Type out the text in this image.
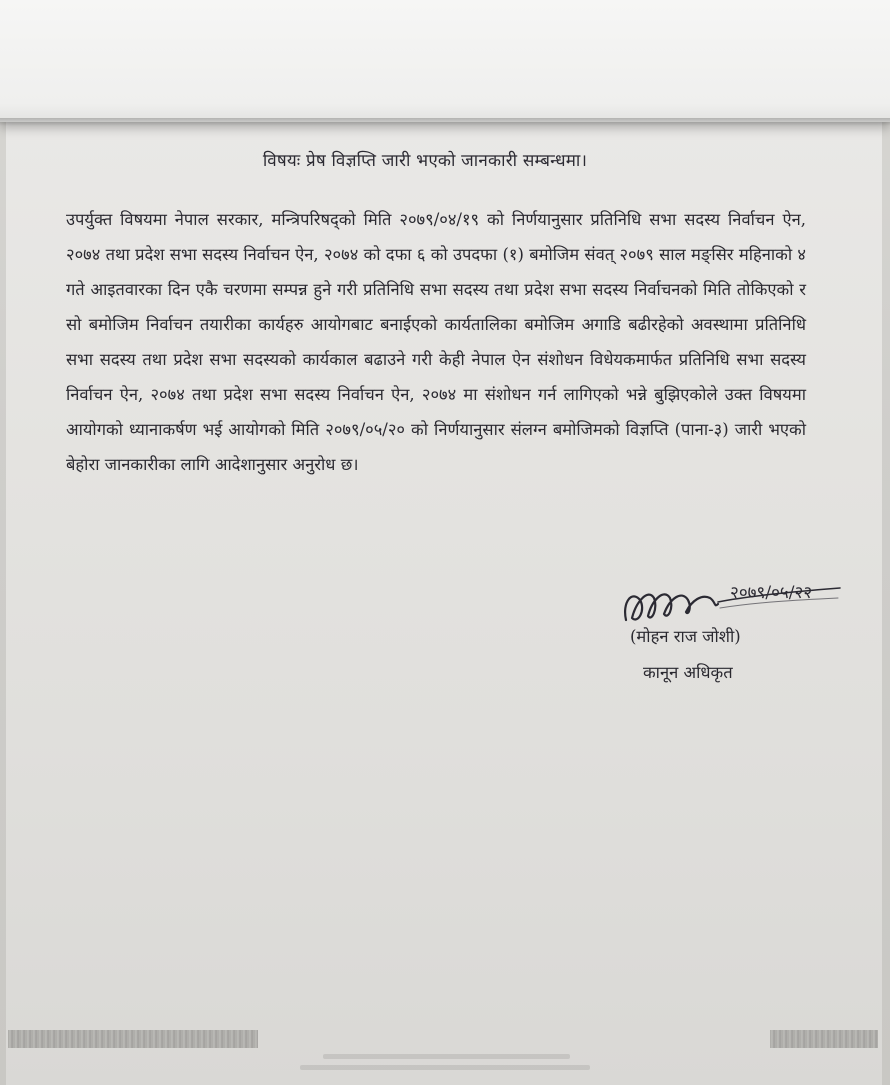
विषयः प्रेष विज्ञप्ति जारी भएको जानकारी सम्बन्धमा।
उपर्युक्त विषयमा नेपाल सरकार, मन्त्रिपरिषद्को मिति २०७९/०४/१९ को निर्णयानुसार प्रतिनिधि सभा सदस्य निर्वाचन ऐन, २०७४ तथा प्रदेश सभा सदस्य निर्वाचन ऐन, २०७४ को दफा ६ को उपदफा (१) बमोजिम संवत् २०७९ साल मङ्सिर महिनाको ४ गते आइतवारका दिन एकै चरणमा सम्पन्न हुने गरी प्रतिनिधि सभा सदस्य तथा प्रदेश सभा सदस्य निर्वाचनको मिति तोकिएको र सो बमोजिम निर्वाचन तयारीका कार्यहरु आयोगबाट बनाईएको कार्यतालिका बमोजिम अगाडि बढीरहेको अवस्थामा प्रतिनिधि सभा सदस्य तथा प्रदेश सभा सदस्यको कार्यकाल बढाउने गरी केही नेपाल ऐन संशोधन विधेयकमार्फत प्रतिनिधि सभा सदस्य निर्वाचन ऐन, २०७४ तथा प्रदेश सभा सदस्य निर्वाचन ऐन, २०७४ मा संशोधन गर्न लागिएको भन्ने बुझिएकोले उक्त विषयमा आयोगको ध्यानाकर्षण भई आयोगको मिति २०७९/०५/२० को निर्णयानुसार संलग्न बमोजिमको विज्ञप्ति (पाना-३) जारी भएको बेहोरा जानकारीका लागि आदेशानुसार अनुरोध छ।
२०७९/०५/२२
(मोहन राज जोशी)
कानून अधिकृत
